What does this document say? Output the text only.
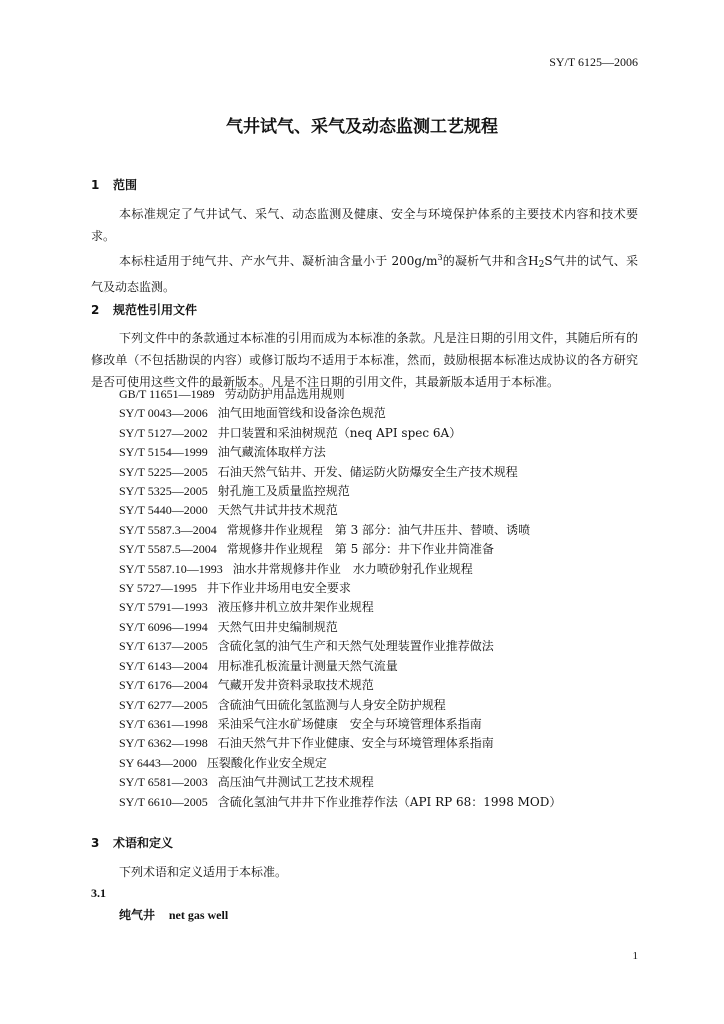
SY/T 6125—2006
气井试气、采气及动态监测工艺规程
1 范围
本标准规定了气井试气、采气、动态监测及健康、安全与环境保护体系的主要技术内容和技术要求。
本标柱适用于纯气井、产水气井、凝析油含量小于 $200g/m^3$的凝析气井和含$H_2S$气井的试气、采气及动态监测。
2 规范性引用文件
下列文件中的条款通过本标准的引用而成为本标准的条款。凡是注日期的引用文件，其随后所有的修改单（不包括勘误的内容）或修订版均不适用于本标准，然而，鼓励根据本标准达成协议的各方研究是否可使用这些文件的最新版本。凡是不注日期的引用文件，其最新版本适用于本标准。
GB/T 11651—1989 劳动防护用品选用规则
SY/T 0043—2006 油气田地面管线和设备涂色规范
SY/T 5127—2002 井口装置和采油树规范（neq API spec 6A）
SY/T 5154—1999 油气藏流体取样方法
SY/T 5225—2005 石油天然气钻井、开发、储运防火防爆安全生产技术规程
SY/T 5325—2005 射孔施工及质量监控规范
SY/T 5440—2000 天然气井试井技术规范
SY/T 5587.3—2004 常规修井作业规程　第 3 部分：油气井压井、替喷、诱喷
SY/T 5587.5—2004 常规修井作业规程　第 5 部分：井下作业井筒准备
SY/T 5587.10—1993 油水井常规修井作业　水力喷砂射孔作业规程
SY 5727—1995 井下作业井场用电安全要求
SY/T 5791—1993 液压修井机立放井架作业规程
SY/T 6096—1994 天然气田井史编制规范
SY/T 6137—2005 含硫化氢的油气生产和天然气处理装置作业推荐做法
SY/T 6143—2004 用标准孔板流量计测量天然气流量
SY/T 6176—2004 气藏开发井资料录取技术规范
SY/T 6277—2005 含硫油气田硫化氢监测与人身安全防护规程
SY/T 6361—1998 采油采气注水矿场健康　安全与环境管理体系指南
SY/T 6362—1998 石油天然气井下作业健康、安全与环境管理体系指南
SY 6443—2000 压裂酸化作业安全规定
SY/T 6581—2003 高压油气井测试工艺技术规程
SY/T 6610—2005 含硫化氢油气井井下作业推荐作法（API RP 68：1998 MOD）
3 术语和定义
下列术语和定义适用于本标准。
3.1
纯气井 net gas well
1
